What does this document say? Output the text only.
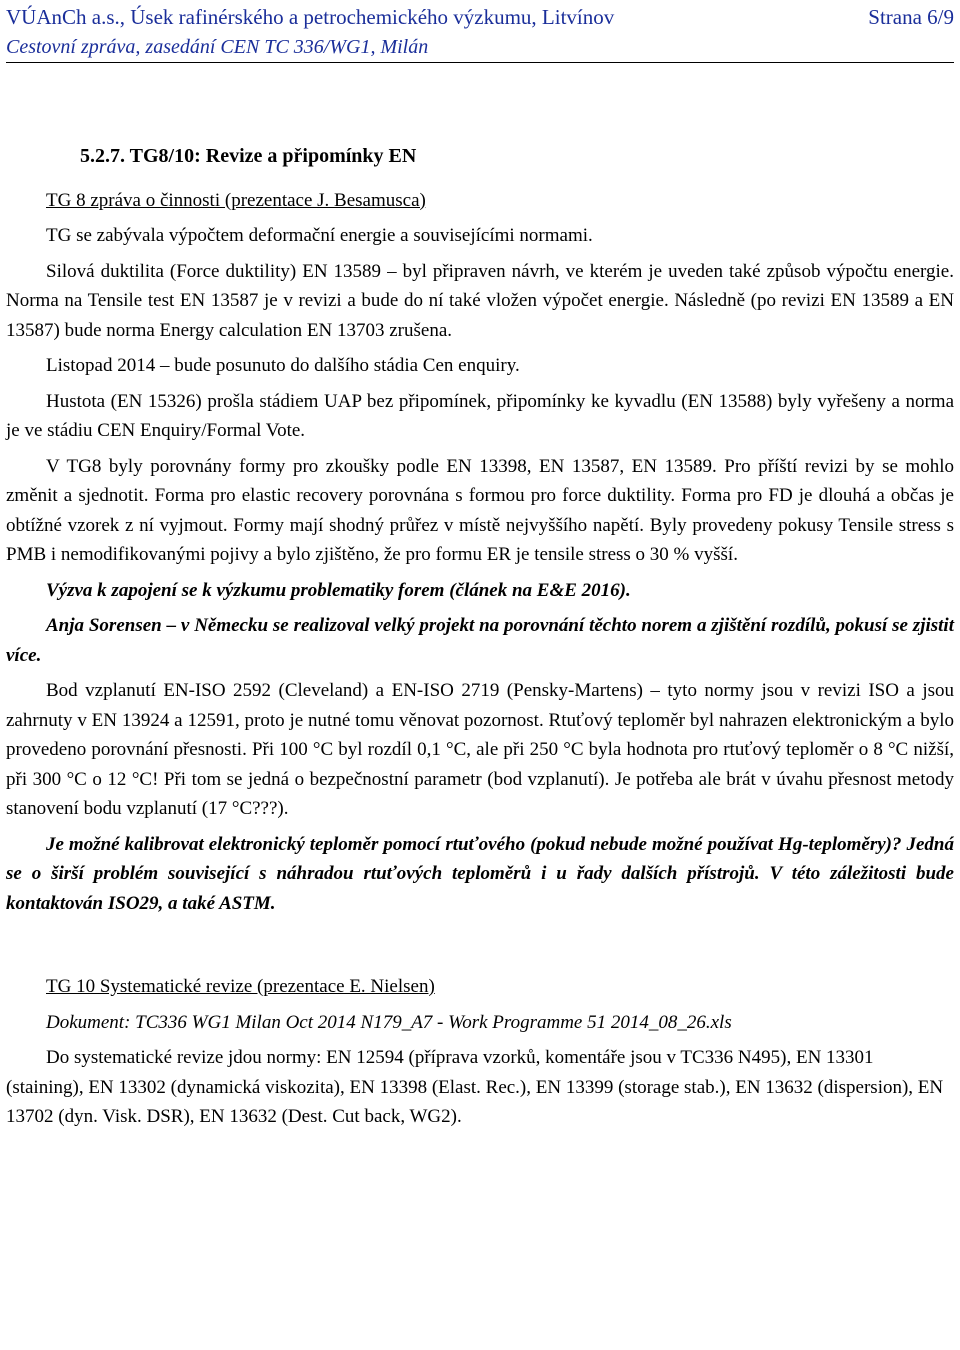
VÚAnCh a.s., Úsek rafinérského a petrochemického výzkumu, Litvínov	Strana 6/9
Cestovní zpráva, zasedání CEN TC 336/WG1, Milán
5.2.7. TG8/10: Revize a připomínky EN

TG 8 zpráva o činnosti (prezentace J. Besamusca)

TG se zabývala výpočtem deformační energie a souvisejícími normami.

Silová duktilita (Force duktility) EN 13589 – byl připraven návrh, ve kterém je uveden také způsob výpočtu energie. Norma na Tensile test EN 13587 je v revizi a bude do ní také vložen výpočet energie. Následně (po revizi EN 13589 a EN 13587) bude norma Energy calculation EN 13703 zrušena.

Listopad 2014 – bude posunuto do dalšího stádia Cen enquiry.

Hustota (EN 15326) prošla stádiem UAP bez připomínek, připomínky ke kyvadlu (EN 13588) byly vyřešeny a norma je ve stádiu CEN Enquiry/Formal Vote.

V TG8 byly porovnány formy pro zkoušky podle EN 13398, EN 13587, EN 13589. Pro příští revizi by se mohlo změnit a sjednotit. Forma pro elastic recovery porovnána s formou pro force duktility. Forma pro FD je dlouhá a občas je obtížné vzorek z ní vyjmout. Formy mají shodný průřez v místě nejvyššího napětí. Byly provedeny pokusy Tensile stress s PMB i nemodifikovanými pojivy a bylo zjištěno, že pro formu ER je tensile stress o 30 % vyšší.

Výzva k zapojení se k výzkumu problematiky forem (článek na E&E 2016).

Anja Sorensen – v Německu se realizoval velký projekt na porovnání těchto norem a zjištění rozdílů, pokusí se zjistit více.

Bod vzplanutí EN-ISO 2592 (Cleveland) a EN-ISO 2719 (Pensky-Martens) – tyto normy jsou v revizi ISO a jsou zahrnuty v EN 13924 a 12591, proto je nutné tomu věnovat pozornost. Rtuťový teploměr byl nahrazen elektronickým a bylo provedeno porovnání přesnosti. Při 100 °C byl rozdíl 0,1 °C, ale při 250 °C byla hodnota pro rtuťový teploměr o 8 °C nižší, při 300 °C o 12 °C! Při tom se jedná o bezpečnostní parametr (bod vzplanutí). Je potřeba ale brát v úvahu přesnost metody stanovení bodu vzplanutí (17 °C???).

Je možné kalibrovat elektronický teploměr pomocí rtuťového (pokud nebude možné používat Hg-teploměry)? Jedná se o širší problém související s náhradou rtuťových teploměrů i u řady dalších přístrojů. V této záležitosti bude kontaktován ISO29, a také ASTM.

TG 10 Systematické revize (prezentace E. Nielsen)

Dokument: TC336 WG1 Milan Oct 2014 N179_A7 - Work Programme 51 2014_08_26.xls

Do systematické revize jdou normy: EN 12594 (příprava vzorků, komentáře jsou v TC336 N495), EN 13301 (staining), EN 13302 (dynamická viskozita), EN 13398 (Elast. Rec.), EN 13399 (storage stab.), EN 13632 (dispersion), EN 13702 (dyn. Visk. DSR), EN 13632 (Dest. Cut back, WG2).
